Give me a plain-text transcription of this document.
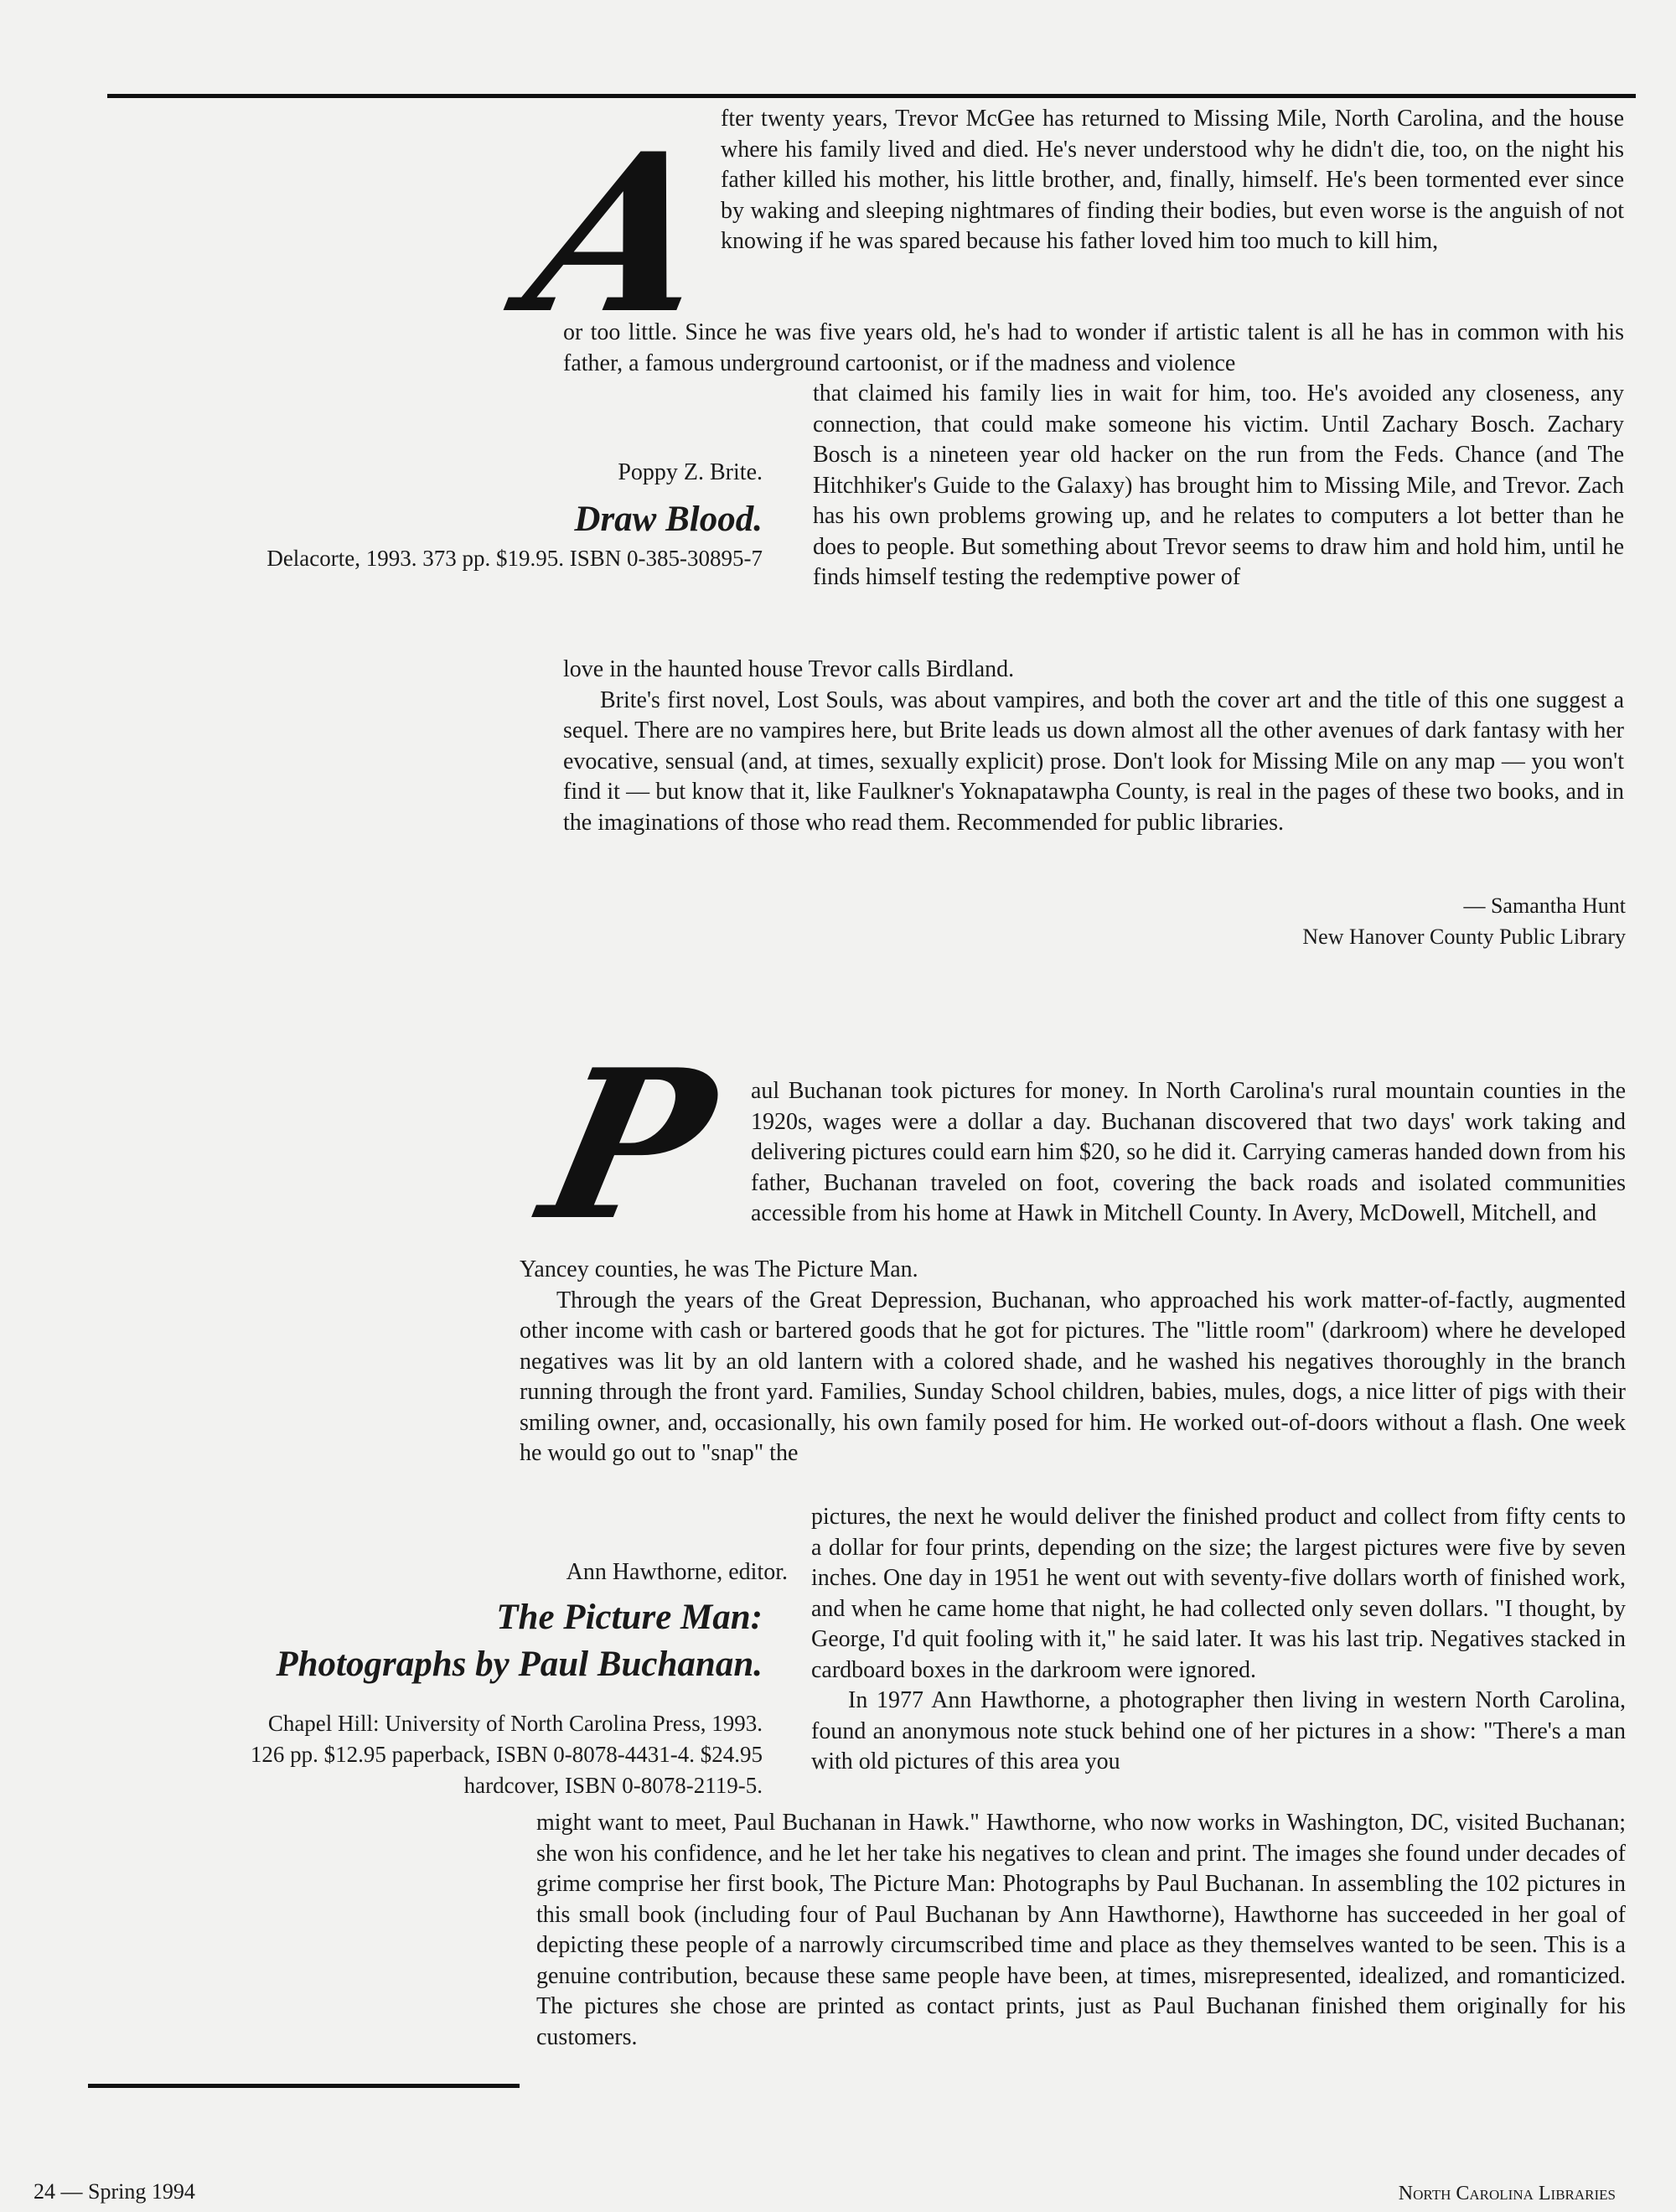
A

fter twenty years, Trevor McGee has returned to Missing Mile, North Carolina, and the house where his family lived and died. He's never understood why he didn't die, too, on the night his father killed his mother, his little brother, and, finally, himself. He's been tormented ever since by waking and sleeping nightmares of finding their bodies, but even worse is the anguish of not knowing if he was spared because his father loved him too much to kill him,

or too little. Since he was five years old, he's had to wonder if artistic talent is all he has in common with his father, a famous underground cartoonist, or if the madness and violence

that claimed his family lies in wait for him, too. He's avoided any closeness, any connection, that could make someone his victim. Until Zachary Bosch. Zachary Bosch is a nineteen year old hacker on the run from the Feds. Chance (and The Hitchhiker's Guide to the Galaxy) has brought him to Missing Mile, and Trevor. Zach has his own problems growing up, and he relates to computers a lot better than he does to people. But something about Trevor seems to draw him and hold him, until he finds himself testing the redemptive power of

love in the haunted house Trevor calls Birdland.

Brite's first novel, Lost Souls, was about vampires, and both the cover art and the title of this one suggest a sequel. There are no vampires here, but Brite leads us down almost all the other avenues of dark fantasy with her evocative, sensual (and, at times, sexually explicit) prose. Don't look for Missing Mile on any map — you won't find it — but know that it, like Faulkner's Yoknapatawpha County, is real in the pages of these two books, and in the imaginations of those who read them. Recommended for public libraries.

— Samantha Hunt
New Hanover County Public Library
Poppy Z. Brite.
Draw Blood.
Delacorte, 1993. 373 pp. $19.95. ISBN 0-385-30895-7
P aul Buchanan took pictures for money. In North Carolina's rural mountain counties in the 1920s, wages were a dollar a day. Buchanan discovered that two days' work taking and delivering pictures could earn him $20, so he did it. Carrying cameras handed down from his father, Buchanan traveled on foot, covering the back roads and isolated communities accessible from his home at Hawk in Mitchell County. In Avery, McDowell, Mitchell, and

Yancey counties, he was The Picture Man.

Through the years of the Great Depression, Buchanan, who approached his work matter-of-factly, augmented other income with cash or bartered goods that he got for pictures. The "little room" (darkroom) where he developed negatives was lit by an old lantern with a colored shade, and he washed his negatives thoroughly in the branch running through the front yard. Families, Sunday School children, babies, mules, dogs, a nice litter of pigs with their smiling owner, and, occasionally, his own family posed for him. He worked out-of-doors without a flash. One week he would go out to "snap" the

pictures, the next he would deliver the finished product and collect from fifty cents to a dollar for four prints, depending on the size; the largest pictures were five by seven inches. One day in 1951 he went out with seventy-five dollars worth of finished work, and when he came home that night, he had collected only seven dollars. "I thought, by George, I'd quit fooling with it," he said later. It was his last trip. Negatives stacked in cardboard boxes in the darkroom were ignored.

In 1977 Ann Hawthorne, a photographer then living in western North Carolina, found an anonymous note stuck behind one of her pictures in a show: "There's a man with old pictures of this area you

might want to meet, Paul Buchanan in Hawk." Hawthorne, who now works in Washington, DC, visited Buchanan; she won his confidence, and he let her take his negatives to clean and print. The images she found under decades of grime comprise her first book, The Picture Man: Photographs by Paul Buchanan. In assembling the 102 pictures in this small book (including four of Paul Buchanan by Ann Hawthorne), Hawthorne has succeeded in her goal of depicting these people of a narrowly circumscribed time and place as they themselves wanted to be seen. This is a genuine contribution, because these same people have been, at times, misrepresented, idealized, and romanticized. The pictures she chose are printed as contact prints, just as Paul Buchanan finished them originally for his customers.

Ann Hawthorne, editor.
The Picture Man:
Photographs by Paul Buchanan.
Chapel Hill: University of North Carolina Press, 1993.
126 pp. $12.95 paperback, ISBN 0-8078-4431-4. $24.95
hardcover, ISBN 0-8078-2119-5.
24 — Spring 1994	North Carolina Libraries
